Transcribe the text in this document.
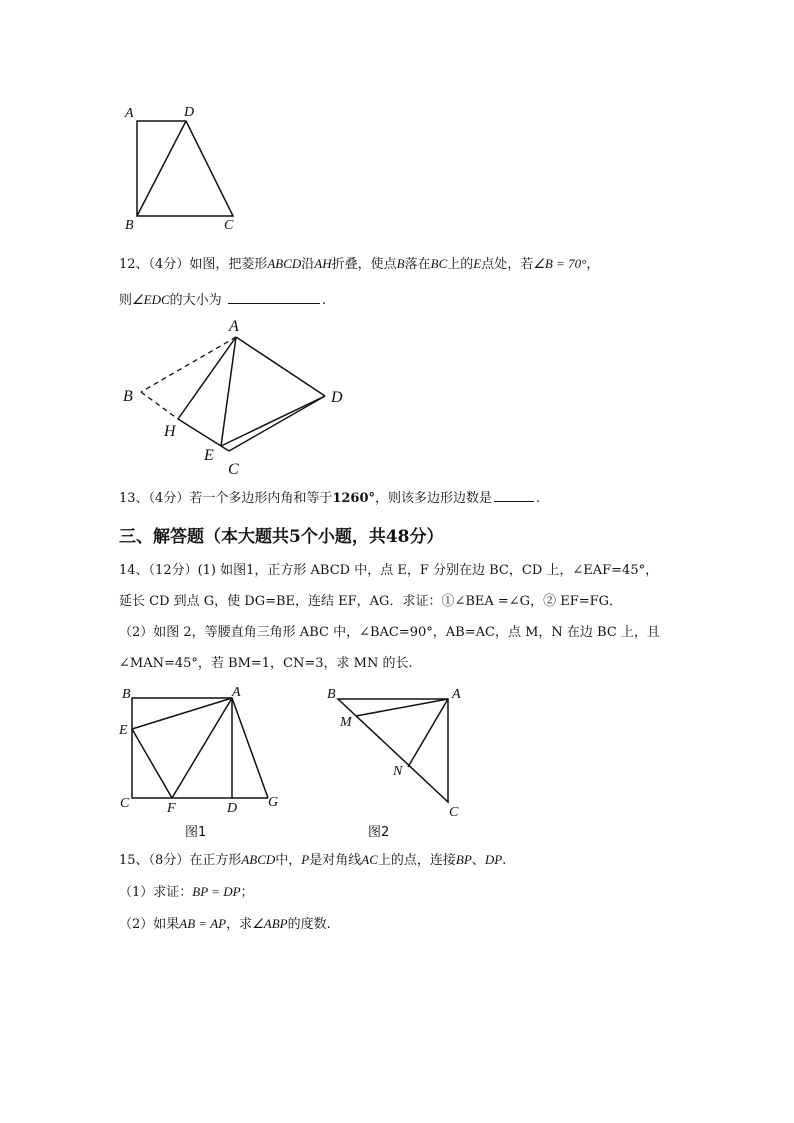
A	D
B	C
12、（4分）如图，把菱形ABCD沿AH折叠，使点B落在BC上的E点处，若∠B = 70°，
则∠EDC的大小为	.
A
B	D
H
E
C
13、（4分）若一个多边形内角和等于1260°，则该多边形边数是	.
三、解答题（本大题共5个小题，共48分）
14、（12分）(1) 如图1，正方形 ABCD 中，点 E，F 分别在边 BC，CD 上，∠EAF=45°，
延长 CD 到点 G，使 DG=BE，连结 EF，AG．求证：①∠BEA =∠G，② EF=FG．
（2）如图 2，等腰直角三角形 ABC 中，∠BAC=90°，AB=AC，点 M，N 在边 BC 上，且
∠MAN=45°，若 BM=1，CN=3，求 MN 的长.
B	A
E
C	F	D G
图1
B	A
M
N
C
图2
15、（8分）在正方形ABCD中，P是对角线AC上的点，连接BP、DP.
（1）求证：BP = DP；
（2）如果AB = AP，求∠ABP的度数.
